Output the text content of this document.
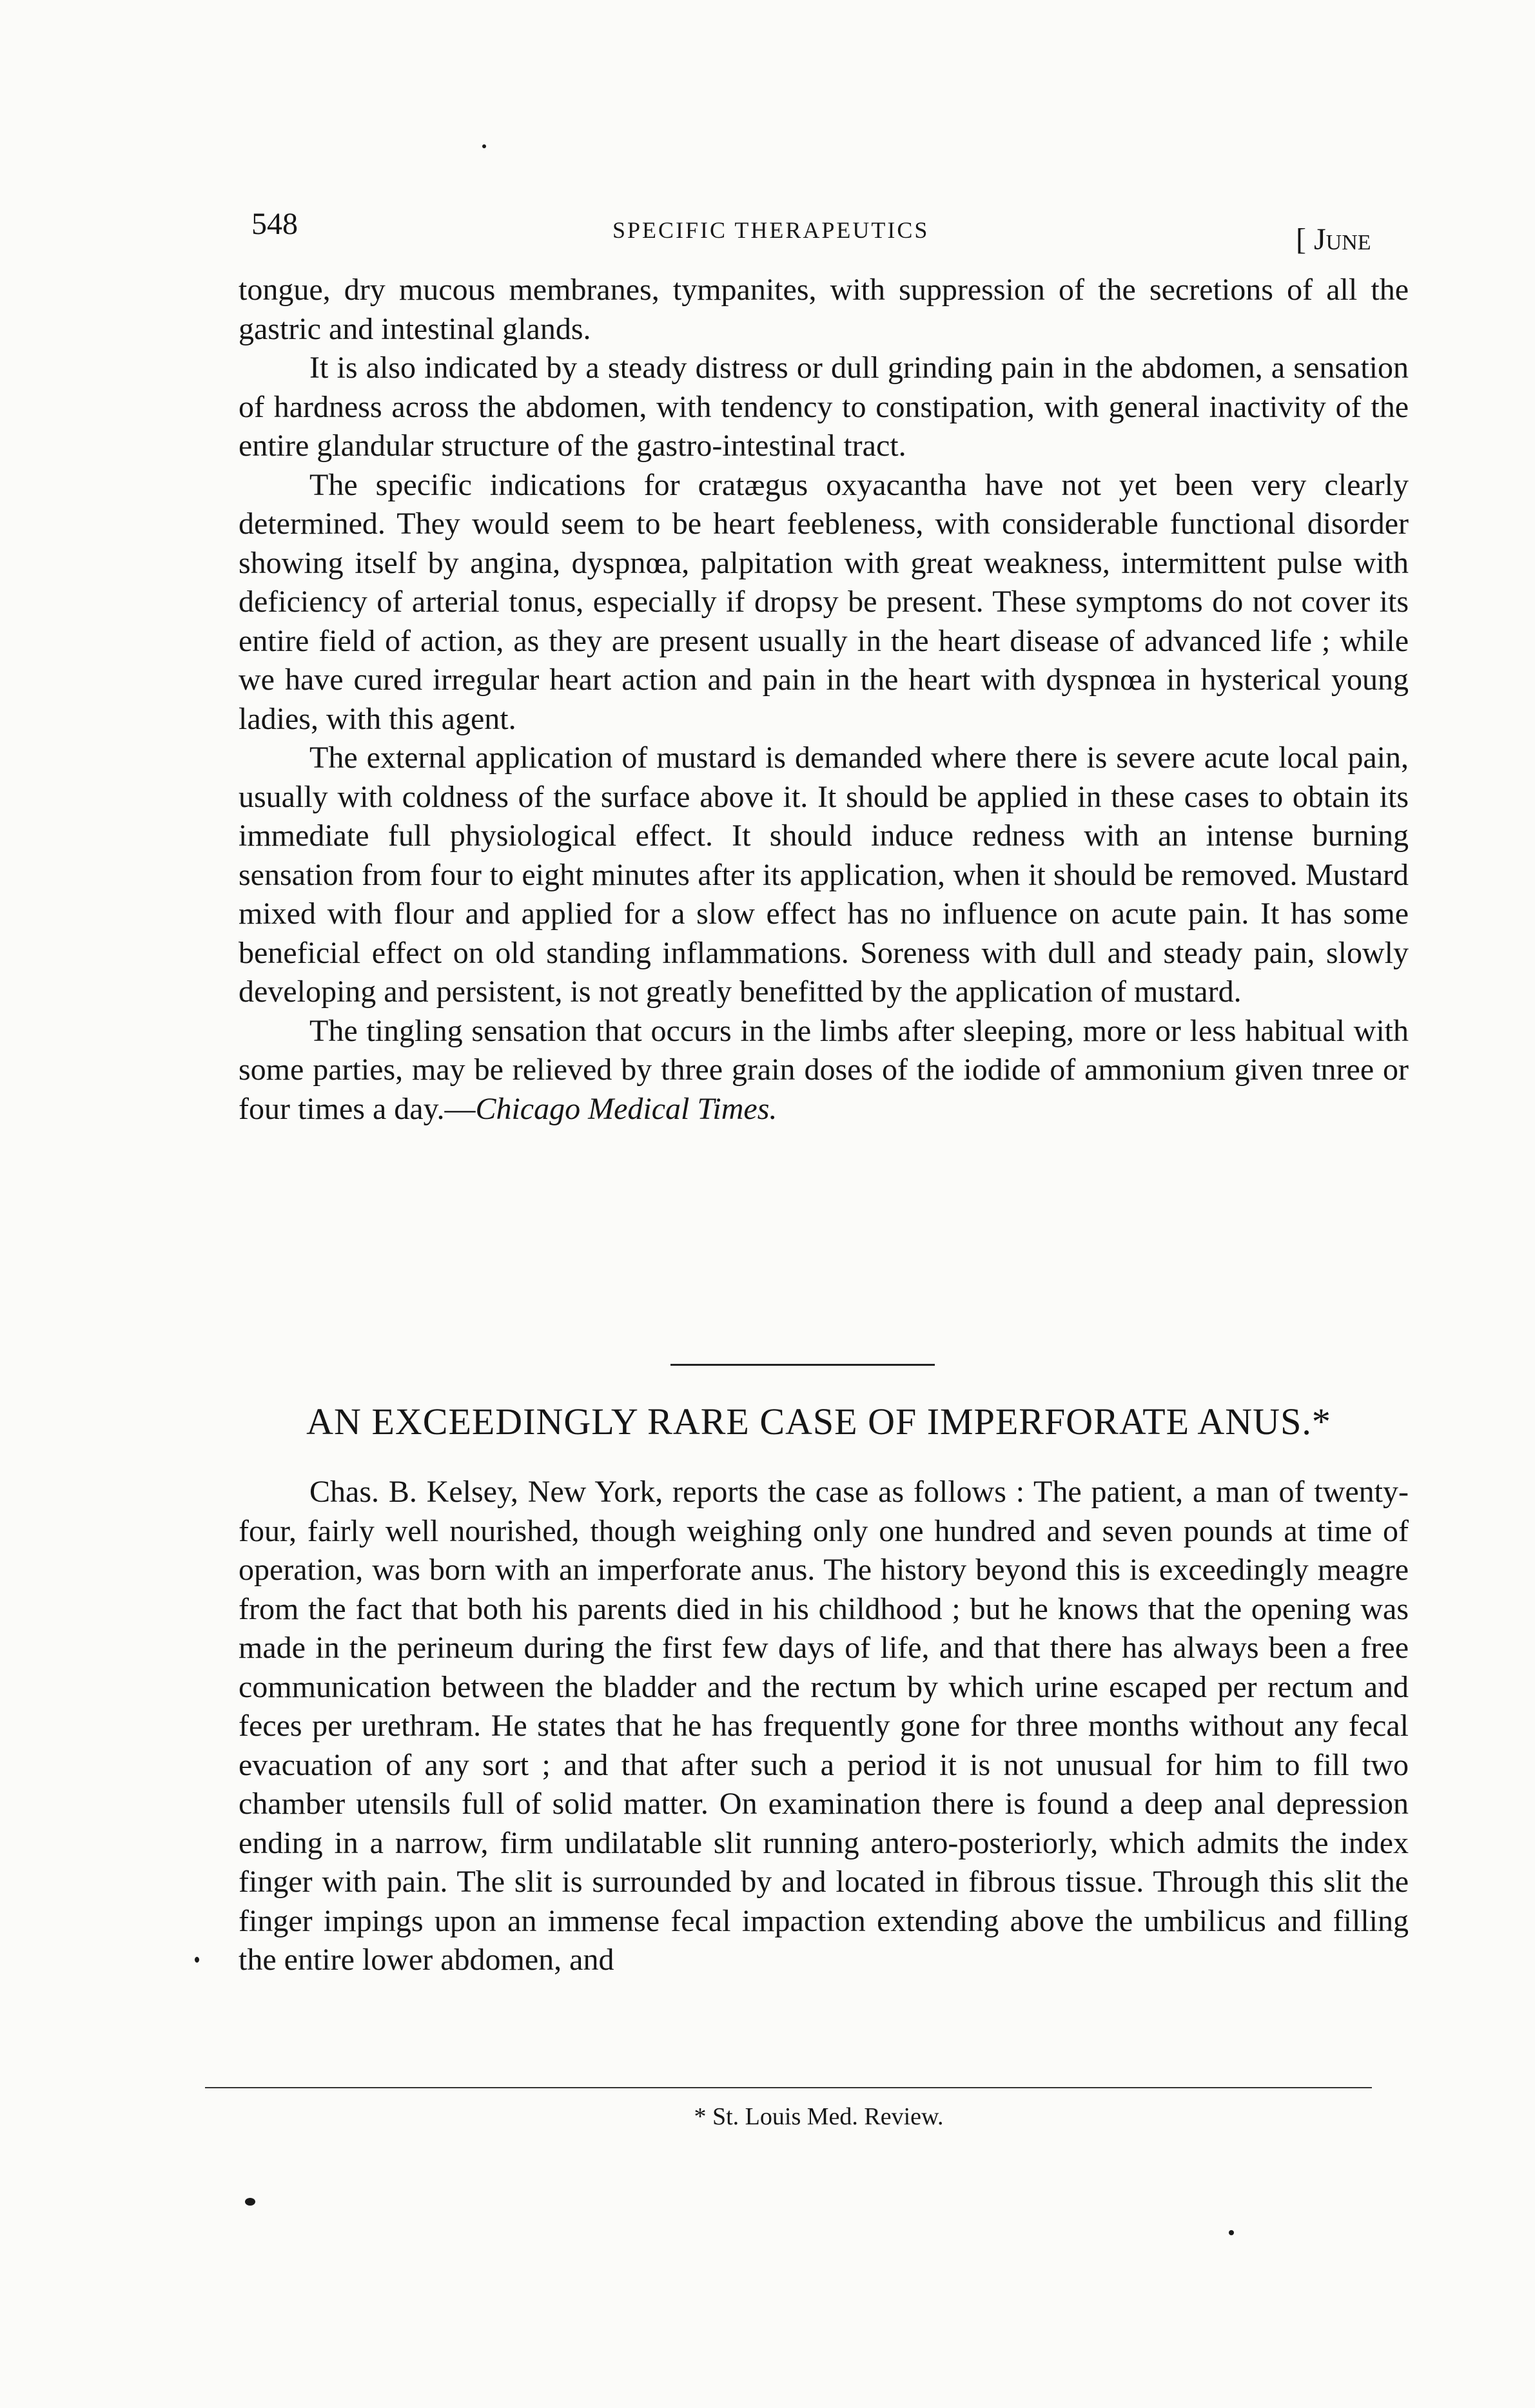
548	SPECIFIC THERAPEUTICS	[ June

tongue, dry mucous membranes, tympanites, with suppression of the secretions of all the gastric and intestinal glands.

It is also indicated by a steady distress or dull grinding pain in the abdomen, a sensation of hardness across the abdomen, with tendency to constipation, with general inactivity of the entire glandular structure of the gastro-intestinal tract.

The specific indications for cratægus oxyacantha have not yet been very clearly determined. They would seem to be heart feebleness, with considerable functional disorder showing itself by angina, dyspnœa, palpitation with great weakness, intermittent pulse with deficiency of arterial tonus, especially if dropsy be present. These symptoms do not cover its entire field of action, as they are present usually in the heart disease of advanced life ; while we have cured irregular heart action and pain in the heart with dyspnœa in hysterical young ladies, with this agent.

The external application of mustard is demanded where there is severe acute local pain, usually with coldness of the surface above it. It should be applied in these cases to obtain its immediate full physiological effect. It should induce redness with an intense burning sensation from four to eight minutes after its application, when it should be removed. Mustard mixed with flour and applied for a slow effect has no influence on acute pain. It has some beneficial effect on old standing inflammations. Soreness with dull and steady pain, slowly developing and persistent, is not greatly benefitted by the application of mustard.

The tingling sensation that occurs in the limbs after sleeping, more or less habitual with some parties, may be relieved by three grain doses of the iodide of ammonium given tnree or four times a day.—Chicago Medical Times.

AN EXCEEDINGLY RARE CASE OF IMPERFORATE ANUS.*

Chas. B. Kelsey, New York, reports the case as follows : The patient, a man of twenty-four, fairly well nourished, though weighing only one hundred and seven pounds at time of operation, was born with an imperforate anus. The history beyond this is exceedingly meagre from the fact that both his parents died in his childhood ; but he knows that the opening was made in the perineum during the first few days of life, and that there has always been a free communication between the bladder and the rectum by which urine escaped per rectum and feces per urethram. He states that he has frequently gone for three months without any fecal evacuation of any sort ; and that after such a period it is not unusual for him to fill two chamber utensils full of solid matter. On examination there is found a deep anal depression ending in a narrow, firm undilatable slit running antero-posteriorly, which admits the index finger with pain. The slit is surrounded by and located in fibrous tissue. Through this slit the finger impings upon an immense fecal impaction extending above the umbilicus and filling the entire lower abdomen, and

* St. Louis Med. Review.
